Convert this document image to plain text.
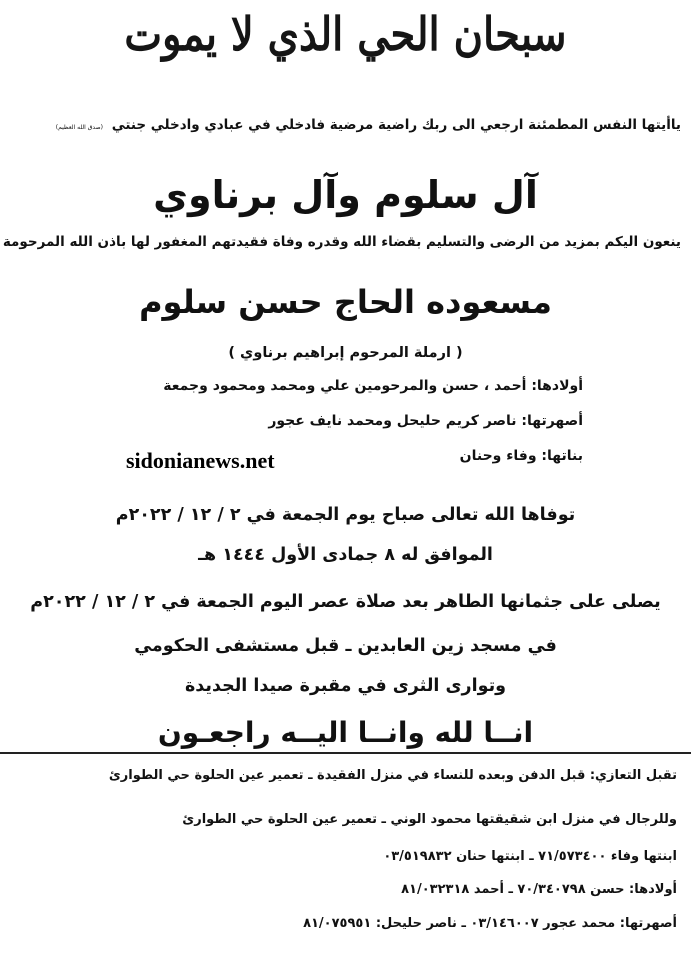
سبحان الحي الذي لا يموت
ياأيتها النفس المطمئنة ارجعي الى ربك راضية مرضية فادخلي في عبادي وادخلي جنتي (صدق الله العظيم)
آل سلوم وآل برناوي
ينعون اليكم بمزيد من الرضى والتسليم بقضاء الله وقدره وفاة فقيدتهم المغفور لها باذن الله المرحومة
مسعوده الحاج حسن سلوم
( ارملة المرحوم إبراهيم برناوي )
أولادها: أحمد ، حسن والمرحومين علي ومحمد ومحمود وجمعة
أصهرتها: ناصر كريم حليحل ومحمد نايف عجور
بناتها: وفاء وحنان
sidonianews.net
توفاها الله تعالى صباح يوم الجمعة في ٢ / ١٢ / ٢٠٢٢م
الموافق له ٨ جمادى الأول ١٤٤٤ هـ
يصلى على جثمانها الطاهر بعد صلاة عصر اليوم الجمعة في ٢ / ١٢ / ٢٠٢٢م
في مسجد زين العابدين ـ قبل مستشفى الحكومي
وتوارى الثرى في مقبرة صيدا الجديدة
انــا لله وانــا اليــه راجعـون
تقبل التعازي: قبل الدفن وبعده للنساء في منزل الفقيدة ـ تعمير عين الحلوة حي الطوارئ
وللرجال في منزل ابن شقيقتها محمود الوني ـ تعمير عين الحلوة حي الطوارئ
ابنتها وفاء ٧١/٥٧٣٤٠٠ ـ ابنتها حنان ٠٣/٥١٩٨٣٢
أولادها: حسن ٧٠/٣٤٠٧٩٨ ـ أحمد ٨١/٠٣٢٣١٨
أصهرتها: محمد عجور ٠٣/١٤٦٠٠٧ ـ ناصر حليحل: ٨١/٠٧٥٩٥١
